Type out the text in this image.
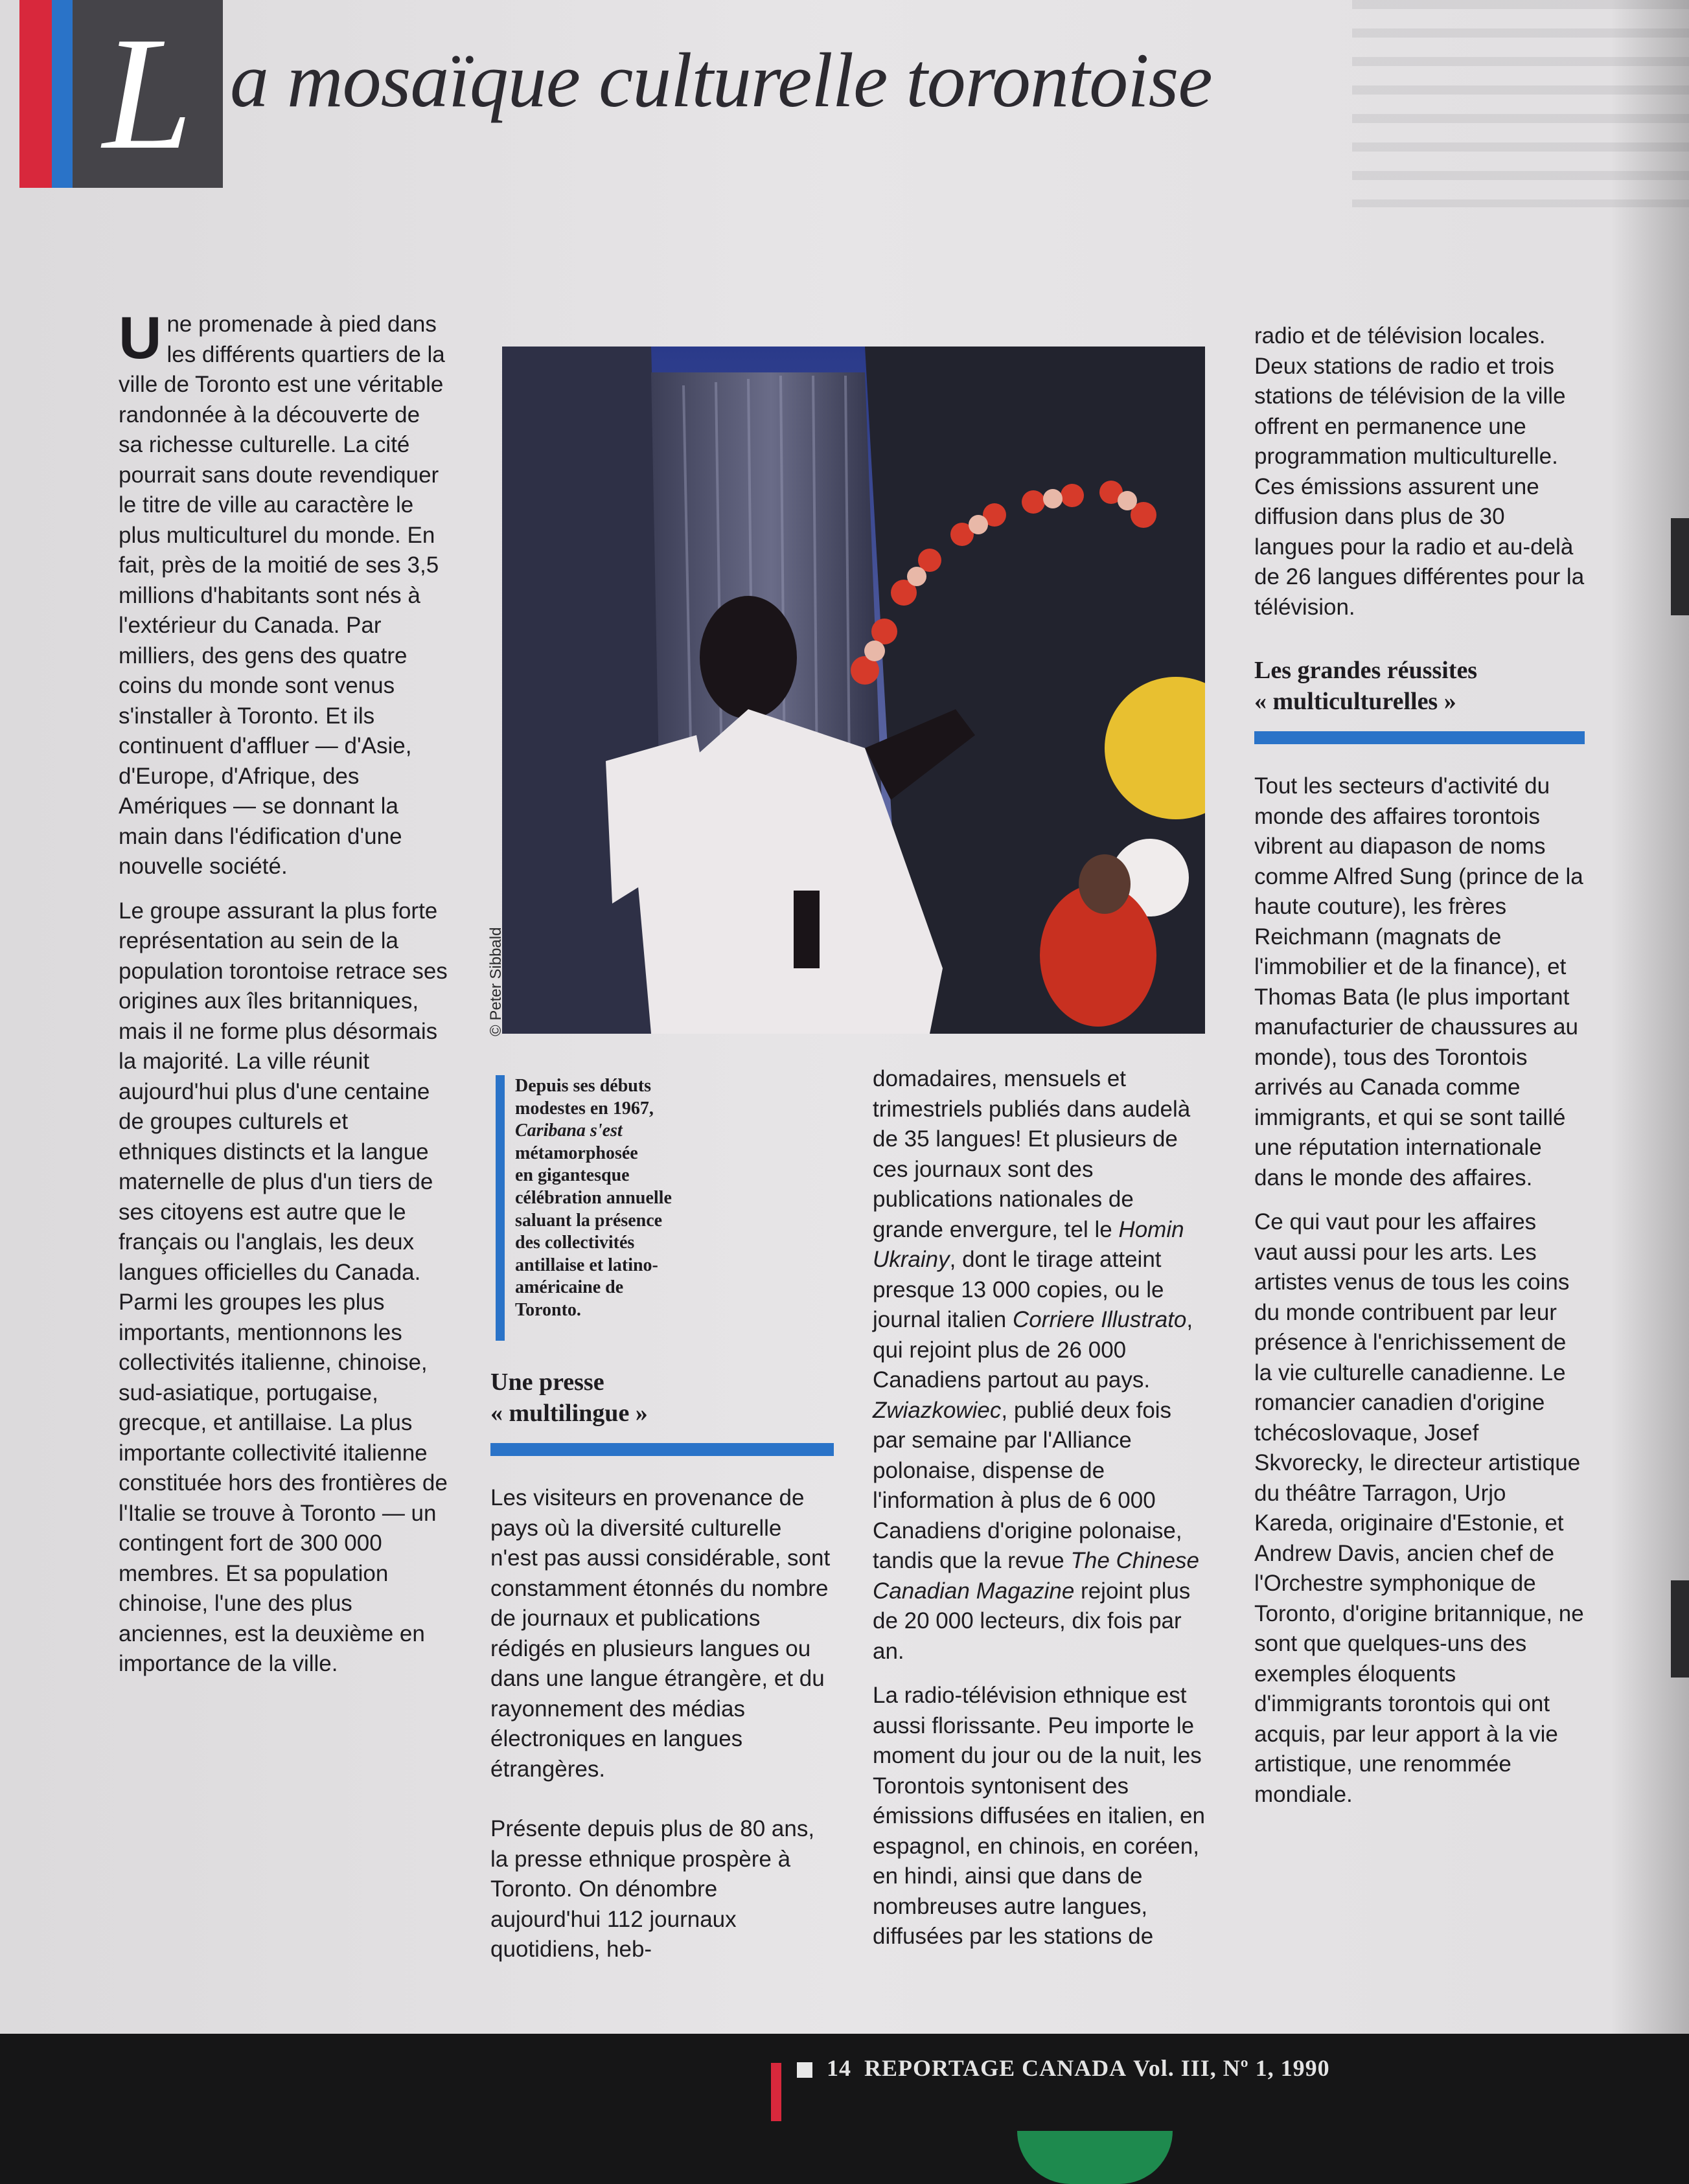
L a mosaïque culturelle torontoise

Une promenade à pied dans les différents quartiers de la ville de Toronto est une véritable randonnée à la découverte de sa richesse culturelle. La cité pourrait sans doute revendiquer le titre de ville au caractère le plus multiculturel du monde. En fait, près de la moitié de ses 3,5 millions d'habitants sont nés à l'extérieur du Canada. Par milliers, des gens des quatre coins du monde sont venus s'installer à Toronto. Et ils continuent d'affluer — d'Asie, d'Europe, d'Afrique, des Amériques — se donnant la main dans l'édification d'une nouvelle société.

Le groupe assurant la plus forte représentation au sein de la population torontoise retrace ses origines aux îles britanniques, mais il ne forme plus désormais la majorité. La ville réunit aujourd'hui plus d'une centaine de groupes culturels et ethniques distincts et la langue maternelle de plus d'un tiers de ses citoyens est autre que le français ou l'anglais, les deux langues officielles du Canada. Parmi les groupes les plus importants, mentionnons les collectivités italienne, chinoise, sud-asiatique, portugaise, grecque, et antillaise. La plus importante collectivité italienne constituée hors des frontières de l'Italie se trouve à Toronto — un contingent fort de 300 000 membres. Et sa population chinoise, l'une des plus anciennes, est la deuxième en importance de la ville.

Depuis ses débuts
modestes en 1967,
Caribana s'est
métamorphosée
en gigantesque
célébration annuelle
saluant la présence
des collectivités
antillaise et latino-
américaine de
Toronto.
Une presse
« multilingue »

Les visiteurs en provenance de pays où la diversité culturelle n'est pas aussi considérable, sont constamment étonnés du nombre de journaux et publications rédigés en plusieurs langues ou dans une langue étrangère, et du rayonnement des médias électroniques en langues étrangères.

Présente depuis plus de 80 ans, la presse ethnique prospère à Toronto. On dénombre aujourd'hui 112 journaux quotidiens, heb-

domadaires, mensuels et trimestriels publiés dans audelà de 35 langues! Et plusieurs de ces journaux sont des publications nationales de grande envergure, tel le Homin Ukrainy, dont le tirage atteint presque 13 000 copies, ou le journal italien Corriere Illustrato, qui rejoint plus de 26 000 Canadiens partout au pays. Zwiazkowiec, publié deux fois par semaine par l'Alliance polonaise, dispense de l'information à plus de 6 000 Canadiens d'origine polonaise, tandis que la revue The Chinese Canadian Magazine rejoint plus de 20 000 lecteurs, dix fois par an.

La radio-télévision ethnique est aussi florissante. Peu importe le moment du jour ou de la nuit, les Torontois syntonisent des émissions diffusées en italien, en espagnol, en chinois, en coréen, en hindi, ainsi que dans de nombreuses autre langues, diffusées par les stations de

radio et de télévision locales. Deux stations de radio et trois stations de télévision de la ville offrent en permanence une programmation multiculturelle. Ces émissions assurent une diffusion dans plus de 30 langues pour la radio et au-delà de 26 langues différentes pour la télévision.

Les grandes réussites
« multiculturelles »

Tout les secteurs d'activité du monde des affaires torontois vibrent au diapason de noms comme Alfred Sung (prince de la haute couture), les frères Reichmann (magnats de l'immobilier et de la finance), et Thomas Bata (le plus important manufacturier de chaussures au monde), tous des Torontois arrivés au Canada comme immigrants, et qui se sont taillé une réputation internationale dans le monde des affaires.

Ce qui vaut pour les affaires vaut aussi pour les arts. Les artistes venus de tous les coins du monde contribuent par leur présence à l'enrichissement de la vie culturelle canadienne. Le romancier canadien d'origine tchécoslovaque, Josef Skvorecky, le directeur artistique du théâtre Tarragon, Urjo Kareda, originaire d'Estonie, et Andrew Davis, ancien chef de l'Orchestre symphonique de Toronto, d'origine britannique, ne sont que quelques-uns des exemples éloquents d'immigrants torontois qui ont acquis, par leur apport à la vie artistique, une renommée mondiale.

14 REPORTAGE CANADA Vol. III, Nº 1, 1990
